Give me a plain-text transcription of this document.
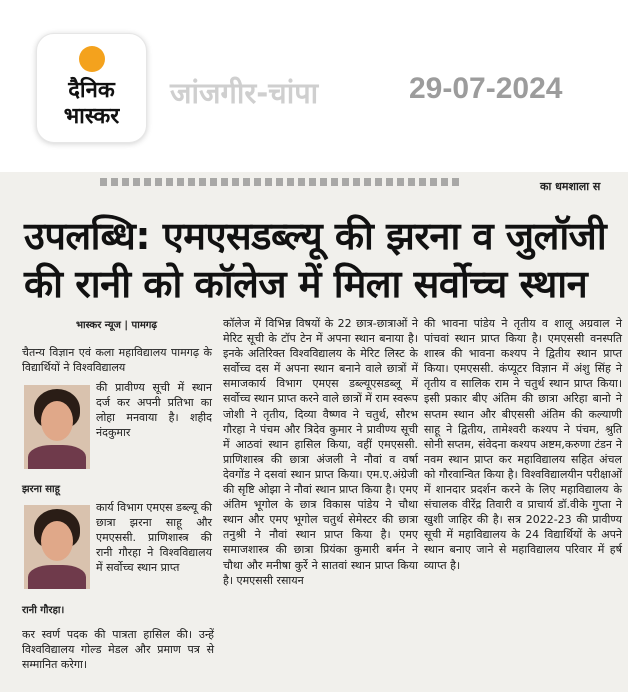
दैनिक
भास्कर
जांजगीर-चांपा	29-07-2024
का धमशाला स
उपलब्धि: एमएसडब्ल्यू की झरना व जुलॉजी
की रानी को कॉलेज में मिला सर्वोच्च स्थान
भास्कर न्यूज | पामगढ़
चैतन्य विज्ञान एवं कला महाविद्यालय पामगढ़ के विद्यार्थियों ने विश्वविद्यालय
की प्रावीण्य सूची में स्थान दर्ज कर अपनी प्रतिभा का लोहा मनवाया है। शहीद नंदकुमार
झरना साहू
कार्य विभाग एमएस डब्ल्यू की छात्रा झरना साहू और एमएससी. प्राणिशास्त्र की रानी गौरहा ने विश्वविद्यालय में सर्वोच्च स्थान प्राप्त
रानी गौरहा।
कर स्वर्ण पदक की पात्रता हासिल की। उन्हें विश्वविद्यालय गोल्ड मेडल और प्रमाण पत्र से सम्मानित करेगा।
कॉलेज में विभिन्न विषयों के 22 छात्र-छात्राओं ने मेरिट सूची के टॉप टेन में अपना स्थान बनाया है। इनके अतिरिक्त विश्वविद्यालय के मेरिट लिस्ट के सर्वोच्च दस में अपना स्थान बनाने वाले छात्रों में समाजकार्य विभाग एमएस डब्ल्यूएसडब्लू में सर्वोच्च स्थान प्राप्त करने वाले छात्रों में राम स्वरूप जोशी ने तृतीय, दिव्या वैष्णव ने चतुर्थ, सौरभ गौरहा ने पंचम और त्रिदेव कुमार ने प्रावीण्य सूची में आठवां स्थान हासिल किया, वहीं एमएससी. प्राणिशास्त्र की छात्रा अंजली ने नौवां व वर्षा देवगोंड ने दसवां स्थान प्राप्त किया। एम.ए.अंग्रेजी की सृष्टि ओझा ने नौवां स्थान प्राप्त किया है। एमए अंतिम भूगोल के छात्र विकास पांडेय ने चौथा स्थान और एमए भूगोल चतुर्थ सेमेस्टर की छात्रा तनुश्री ने नौवां स्थान प्राप्त किया है। एमए समाजशास्त्र की छात्रा प्रियंका कुमारी बर्मन ने चौथा और मनीषा कुर्रे ने सातवां स्थान प्राप्त किया है। एमएससी रसायन
की भावना पांडेय ने तृतीय व शालू अग्रवाल ने पांचवां स्थान प्राप्त किया है। एमएससी वनस्पति शास्त्र की भावना कश्यप ने द्वितीय स्थान प्राप्त किया। एमएससी. कंप्यूटर विज्ञान में अंशु सिंह ने तृतीय व सालिक राम ने चतुर्थ स्थान प्राप्त किया। इसी प्रकार बीए अंतिम की छात्रा अरिहा बानो ने सप्तम स्थान और बीएससी अंतिम की कल्याणी साहू ने द्वितीय, तामेश्वरी कश्यप ने पंचम, श्रुति सोनी सप्तम, संवेदना कश्यप अष्टम,करुणा टंडन ने नवम स्थान प्राप्त कर महाविद्यालय सहित अंचल को गौरवान्वित किया है। विश्वविद्यालयीन परीक्षाओं में शानदार प्रदर्शन करने के लिए महाविद्यालय के संचालक वीरेंद्र तिवारी व प्राचार्य डॉ.वीके गुप्ता ने खुशी जाहिर की है। सत्र 2022-23 की प्रावीण्य सूची में महाविद्यालय के 24 विद्यार्थियों के अपने स्थान बनाए जाने से महाविद्यालय परिवार में हर्ष व्याप्त है।
